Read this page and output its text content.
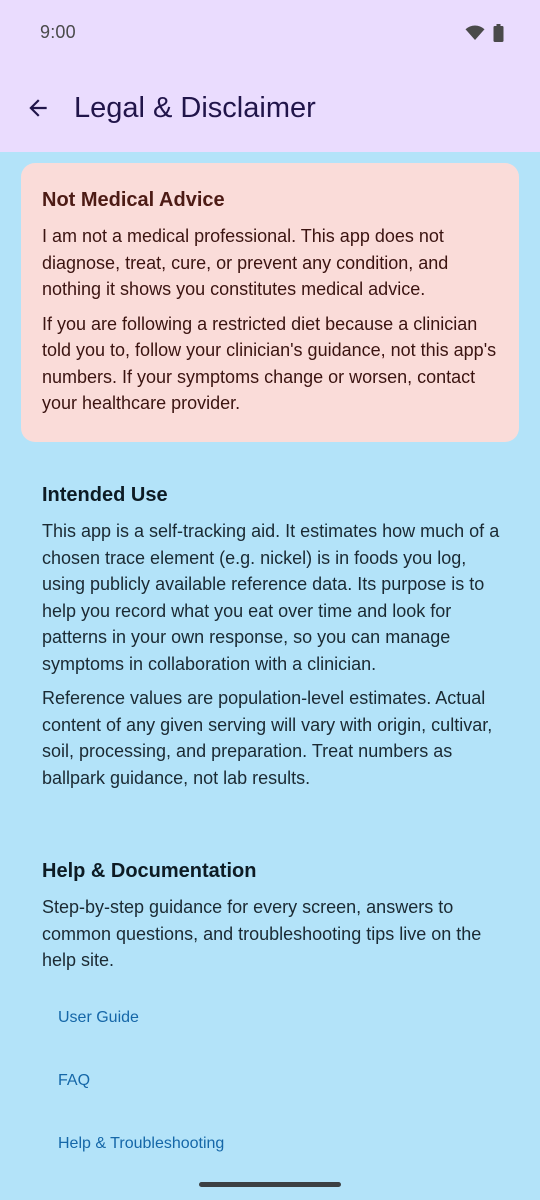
9:00
Legal & Disclaimer
Not Medical Advice

I am not a medical professional. This app does not diagnose, treat, cure, or prevent any condition, and nothing it shows you constitutes medical advice.

If you are following a restricted diet because a clinician told you to, follow your clinician's guidance, not this app's numbers. If your symptoms change or worsen, contact your healthcare provider.

Intended Use

This app is a self-tracking aid. It estimates how much of a chosen trace element (e.g. nickel) is in foods you log, using publicly available reference data. Its purpose is to help you record what you eat over time and look for patterns in your own response, so you can manage symptoms in collaboration with a clinician.

Reference values are population-level estimates. Actual content of any given serving will vary with origin, cultivar, soil, processing, and preparation. Treat numbers as ballpark guidance, not lab results.

Help & Documentation

Step-by-step guidance for every screen, answers to common questions, and troubleshooting tips live on the help site.

User Guide
FAQ
Help & Troubleshooting
